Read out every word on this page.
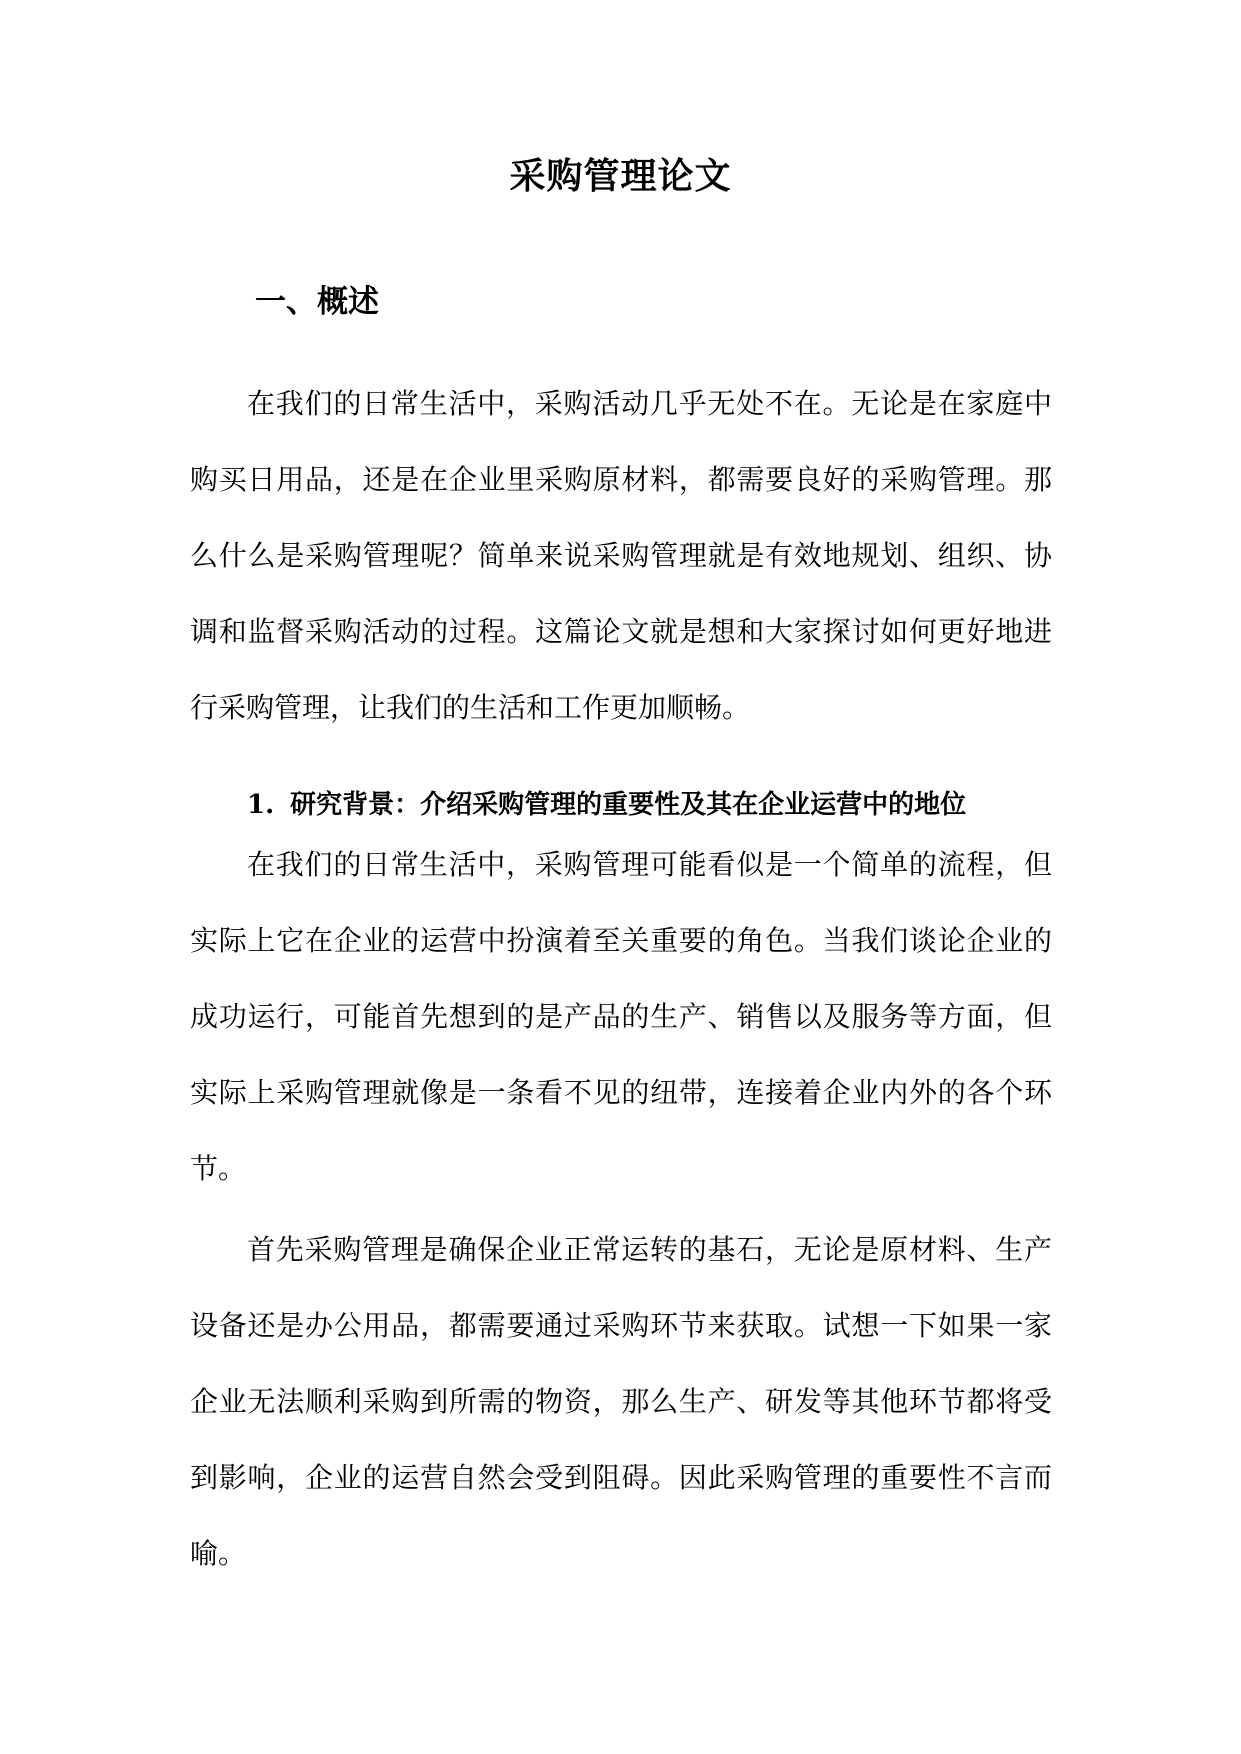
采购管理论文
一、概述

在我们的日常生活中，采购活动几乎无处不在。无论是在家庭中购买日用品，还是在企业里采购原材料，都需要良好的采购管理。那么什么是采购管理呢？简单来说采购管理就是有效地规划、组织、协调和监督采购活动的过程。这篇论文就是想和大家探讨如何更好地进行采购管理，让我们的生活和工作更加顺畅。

1. 研究背景：介绍采购管理的重要性及其在企业运营中的地位

在我们的日常生活中，采购管理可能看似是一个简单的流程，但实际上它在企业的运营中扮演着至关重要的角色。当我们谈论企业的成功运行，可能首先想到的是产品的生产、销售以及服务等方面，但实际上采购管理就像是一条看不见的纽带，连接着企业内外的各个环节。

首先采购管理是确保企业正常运转的基石，无论是原材料、生产设备还是办公用品，都需要通过采购环节来获取。试想一下如果一家企业无法顺利采购到所需的物资，那么生产、研发等其他环节都将受到影响，企业的运营自然会受到阻碍。因此采购管理的重要性不言而喻。
